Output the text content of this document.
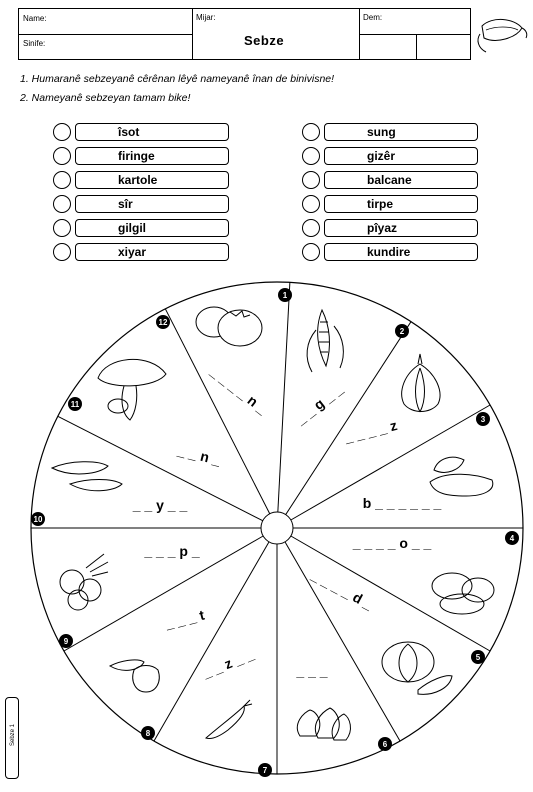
Name:
Sinife:
Mijar:
Sebze
Dem:
1. Humaranê sebzeyanê cêrênan lêyê nameyanê înan de binivisne!
2. Nameyanê sebzeyan tamam bike!
îsot
firinge
kartole
sîr
gilgil
xiyar
sung
gizêr
balcane
tirpe
pîyaz
kundire
1
2
3
4
5
6
7
8
9
10
11
12
_ _ g _ _
_ _ _ _ z
b _ _ _ _ _ _
_ _ _ _ o _ _
_ _ _ _ d _
_ _ _
_ _ z _ _
_ _ _ t
_ _ _ p _
_ _ y _ _
_ _ n _
_ _ _ _ n _
Sebze 1
